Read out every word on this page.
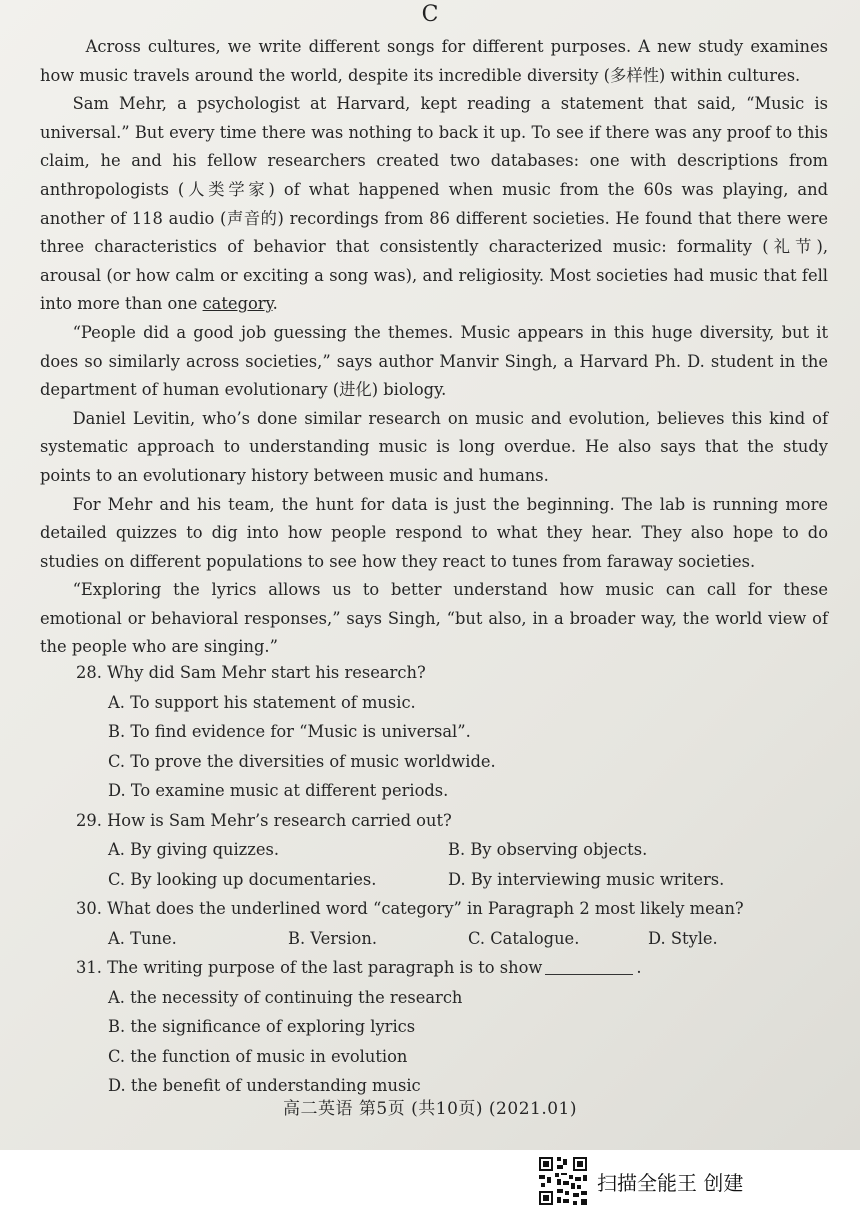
C

Across cultures, we write different songs for different purposes. A new study examines how music travels around the world, despite its incredible diversity (多样性) within cultures.

Sam Mehr, a psychologist at Harvard, kept reading a statement that said, “Music is universal.” But every time there was nothing to back it up. To see if there was any proof to this claim, he and his fellow researchers created two databases: one with descriptions from anthropologists (人类学家) of what happened when music from the 60s was playing, and another of 118 audio (声音的) recordings from 86 different societies. He found that there were three characteristics of behavior that consistently characterized music: formality (礼节), arousal (or how calm or exciting a song was), and religiosity. Most societies had music that fell into more than one category.

“People did a good job guessing the themes. Music appears in this huge diversity, but it does so similarly across societies,” says author Manvir Singh, a Harvard Ph. D. student in the department of human evolutionary (进化) biology.

Daniel Levitin, who’s done similar research on music and evolution, believes this kind of systematic approach to understanding music is long overdue. He also says that the study points to an evolutionary history between music and humans.

For Mehr and his team, the hunt for data is just the beginning. The lab is running more detailed quizzes to dig into how people respond to what they hear. They also hope to do studies on different populations to see how they react to tunes from faraway societies.

“Exploring the lyrics allows us to better understand how music can call for these emotional or behavioral responses,” says Singh, “but also, in a broader way, the world view of the people who are singing.”

28. Why did Sam Mehr start his research?
A. To support his statement of music.
B. To find evidence for “Music is universal”.
C. To prove the diversities of music worldwide.
D. To examine music at different periods.
29. How is Sam Mehr’s research carried out?
A. By giving quizzes.	B. By observing objects.
C. By looking up documentaries.	D. By interviewing music writers.
30. What does the underlined word “category” in Paragraph 2 most likely mean?
A. Tune.	B. Version.	C. Catalogue.	D. Style.
31. The writing purpose of the last paragraph is to show	.
A. the necessity of continuing the research
B. the significance of exploring lyrics
C. the function of music in evolution
D. the benefit of understanding music
高二英语 第5页 (共10页) (2021.01)
扫描全能王 创建
